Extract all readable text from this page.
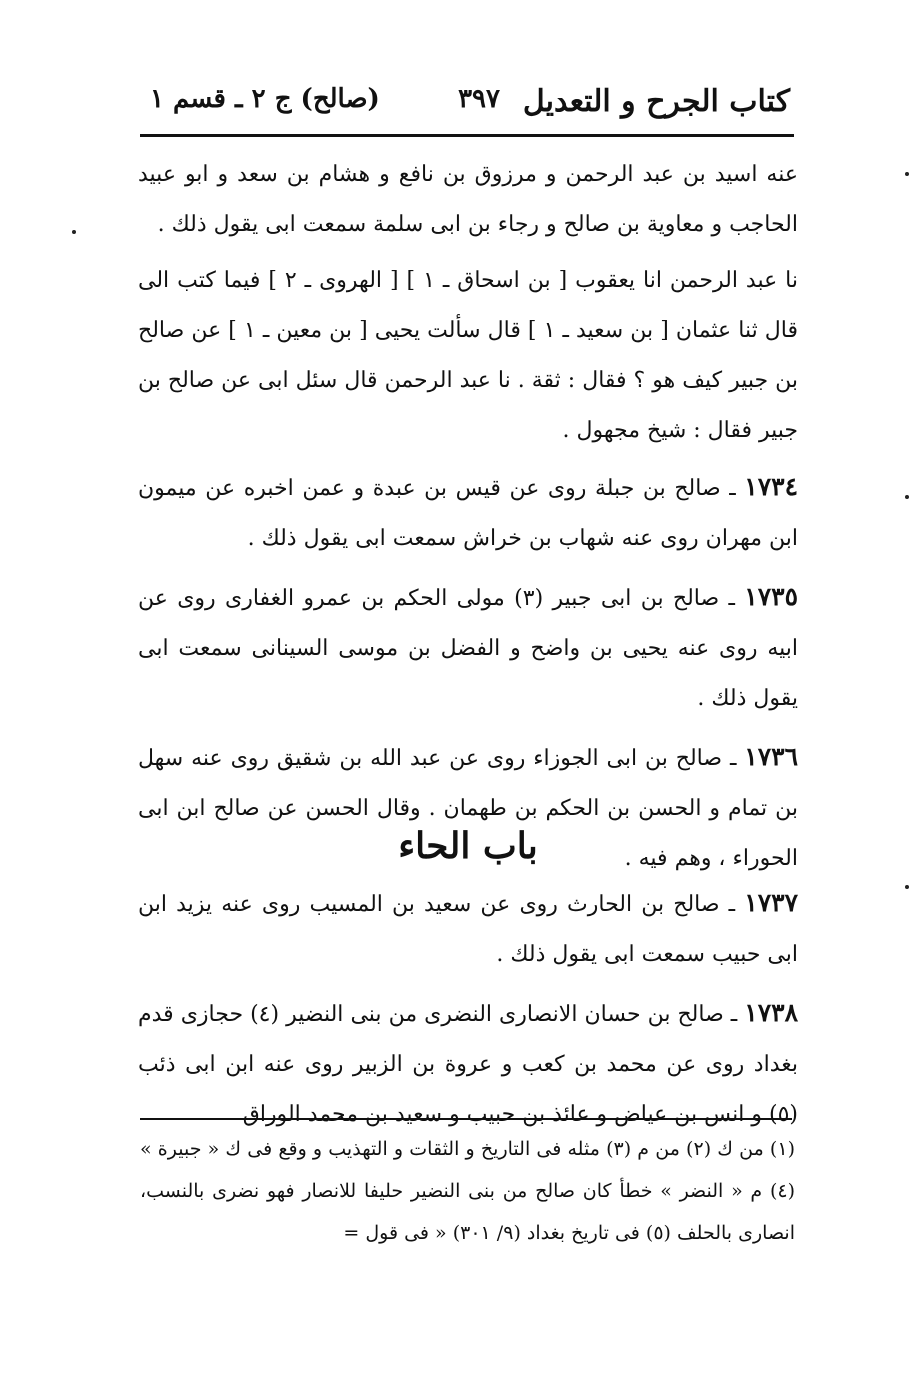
كتاب الجرح و التعديل
٣٩٧
(صالح) ج ٢ ـ قسم ١

عنه اسيد بن عبد الرحمن و مرزوق بن نافع و هشام بن سعد و ابو عبيد الحاجب و معاوية بن صالح و رجاء بن ابى سلمة سمعت ابى يقول ذلك .

نا عبد الرحمن انا يعقوب [ بن اسحاق ـ ١ ] [ الهروى ـ ٢ ] فيما كتب الى قال ثنا عثمان [ بن سعيد ـ ١ ] قال سألت يحيى [ بن معين ـ ١ ] عن صالح بن جبير كيف هو ؟ فقال : ثقة . نا عبد الرحمن قال سئل ابى عن صالح بن جبير فقال : شيخ مجهول .

١٧٣٤ ـ صالح بن جبلة روى عن قيس بن عبدة و عمن اخبره عن ميمون ابن مهران روى عنه شهاب بن خراش سمعت ابى يقول ذلك .

١٧٣٥ ـ صالح بن ابى جبير (٣) مولى الحكم بن عمرو الغفارى روى عن ابيه روى عنه يحيى بن واضح و الفضل بن موسى السينانى سمعت ابى يقول ذلك .

١٧٣٦ ـ صالح بن ابى الجوزاء روى عن عبد الله بن شقيق روى عنه سهل بن تمام و الحسن بن الحكم بن طهمان . وقال الحسن عن صالح ابن ابى الحوراء ، وهم فيه .

باب الحاء

١٧٣٧ ـ صالح بن الحارث روى عن سعيد بن المسيب روى عنه يزيد ابن ابى حبيب سمعت ابى يقول ذلك .

١٧٣٨ ـ صالح بن حسان الانصارى النضرى من بنى النضير (٤) حجازى قدم بغداد روى عن محمد بن كعب و عروة بن الزبير روى عنه ابن ابى ذئب (٥) و انس بن عياض و عائذ بن حبيب و سعيد بن محمد الوراق

(١) من ك (٢) من م (٣) مثله فى التاريخ و الثقات و التهذيب و وقع فى ك « جبيرة » (٤) م « النضر » خطأ كان صالح من بنى النضير حليفا للانصار فهو نضرى بالنسب، انصارى بالحلف (٥) فى تاريخ بغداد (٩/ ٣٠١) « فى قول =
